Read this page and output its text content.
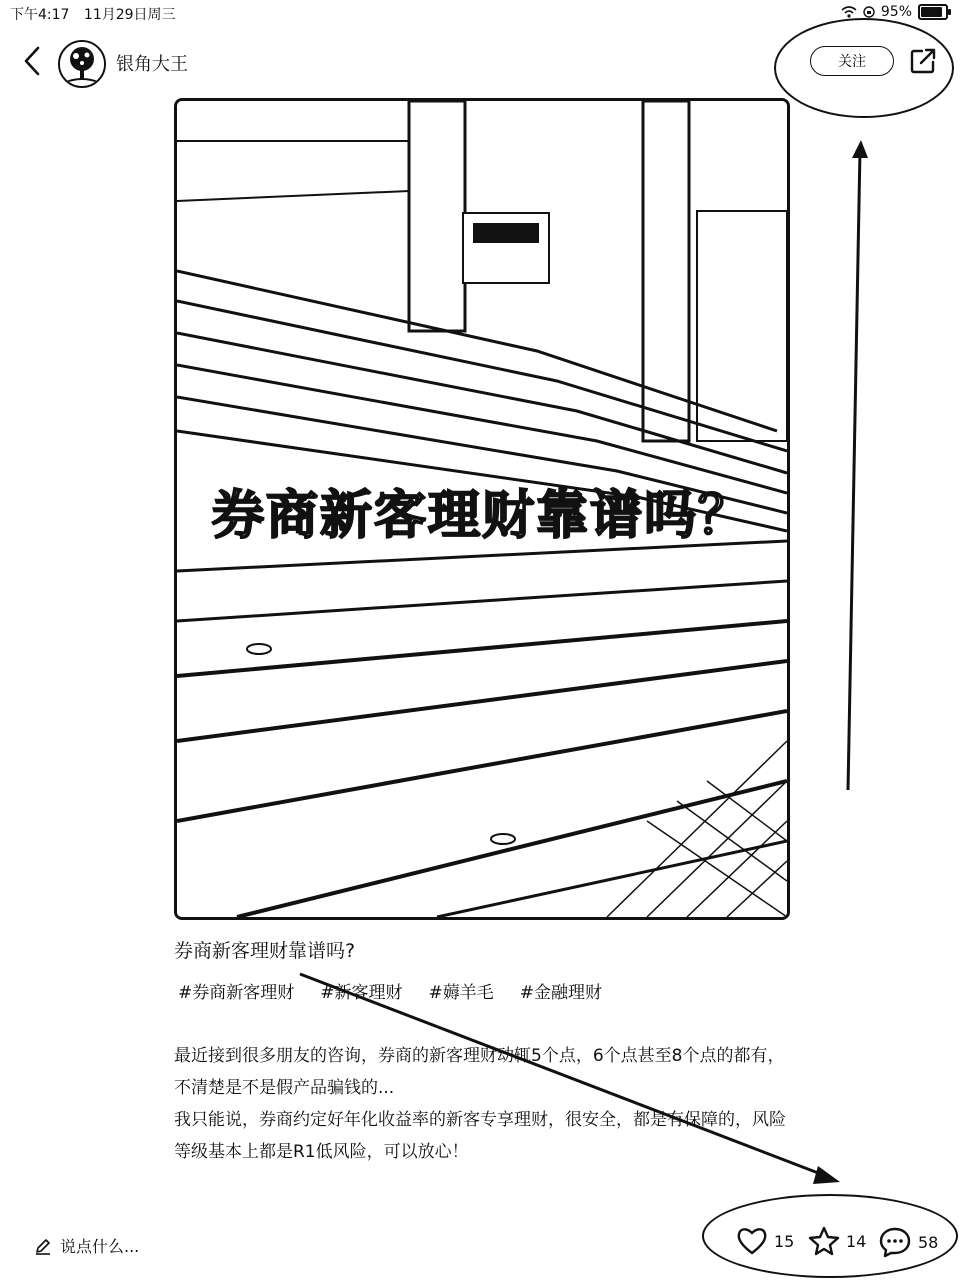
下午4:17 11月29日周三	95%
银角大王	关注
券商新客理财靠谱吗？
券商新客理财靠谱吗?
#券商新客理财 #新客理财 #薅羊毛 #金融理财

最近接到很多朋友的咨询，券商的新客理财动辄5个点，6个点甚至8个点的都有，不清楚是不是假产品骗钱的...

我只能说，券商约定好年化收益率的新客专享理财，很安全，都是有保障的，风险等级基本上都是R1低风险，可以放心！

说点什么...	15	14	58
